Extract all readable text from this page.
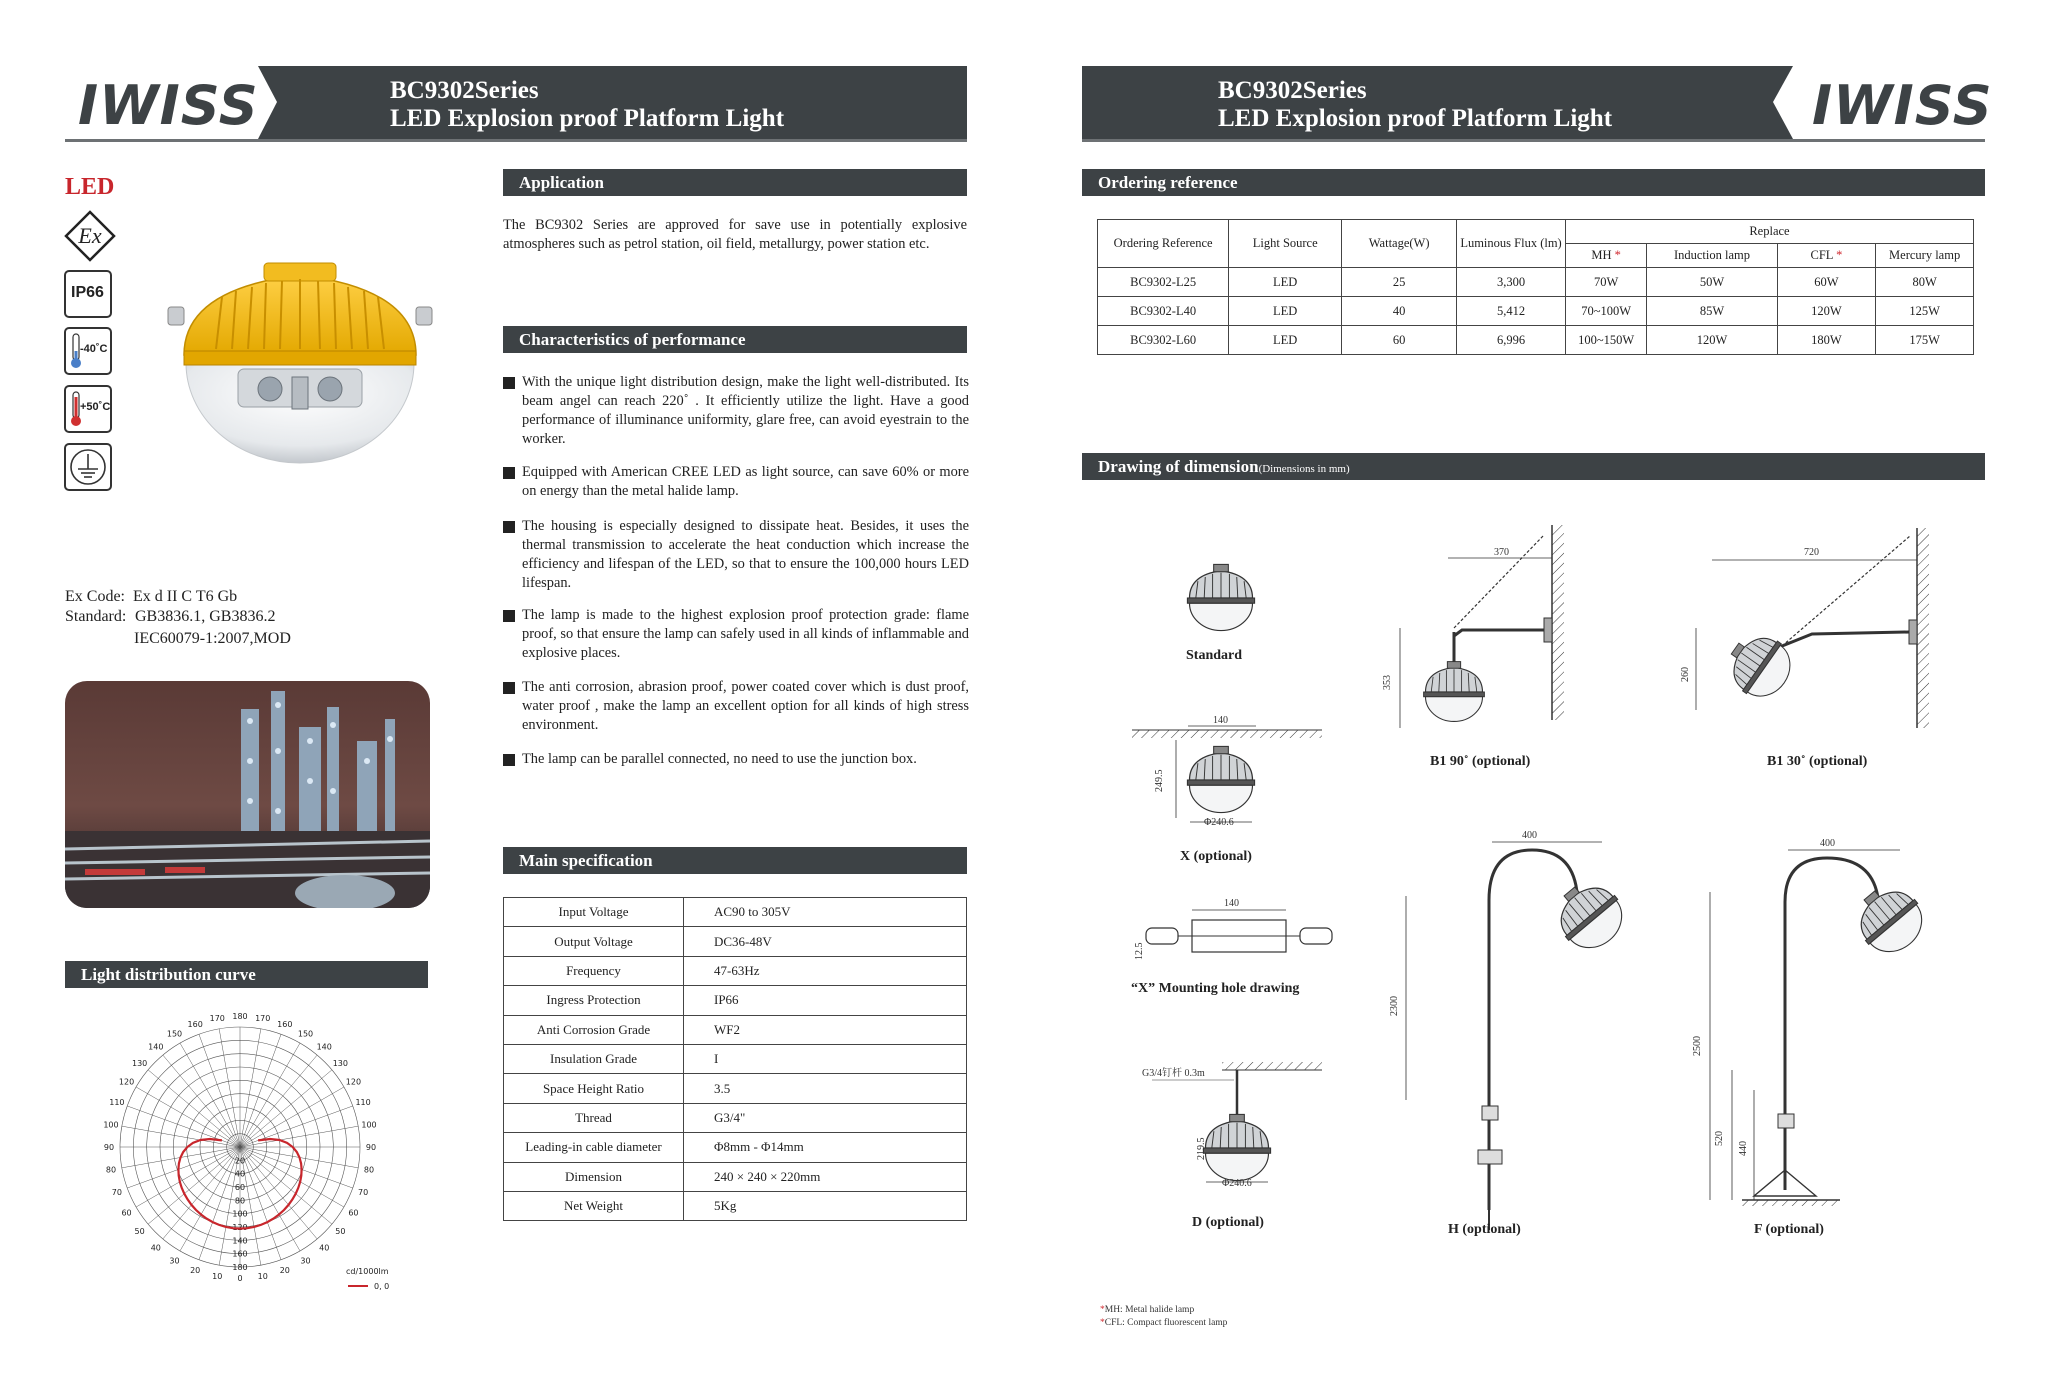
IWISS	BC9302Series
LED Explosion proof Platform Light	IWISS
BC9302Series
LED Explosion proof Platform Light
LED
Ex
IP66
-40˚C
+50˚C
Ex Code: Ex d II C T6 Gb
Standard: GB3836.1, GB3836.2
IEC60079-1:2007,MOD
Light distribution curve
0 10
10
20
20
30
30
40
40
50
50
60
60
70
70
80
80
90
90
100
100
110
110
120
120
130
130
140
140
150
150
160
160
170
170 180
20
40
60
80
100
120
140
160
180	cd/1000lm
0, 0
Application
The BC9302 Series are approved for save use in potentially explosive atmospheres such as petrol station, oil field, metallurgy, power station etc.
Characteristics of performance
With the unique light distribution design, make the light well-distributed. Its beam angel can reach 220˚ . It efficiently utilize the light. Have a good performance of illuminance uniformity, glare free, can avoid eyestrain to the worker.
Equipped with American CREE LED as light source, can save 60% or more on energy than the metal halide lamp.
The housing is especially designed to dissipate heat. Besides, it uses the thermal transmission to accelerate the heat conduction which increase the efficiency and lifespan of the LED, so that to ensure the 100,000 hours LED lifespan.
The lamp is made to the highest explosion proof protection grade: flame proof, so that ensure the lamp can safely used in all kinds of inflammable and explosive places.
The anti corrosion, abrasion proof, power coated cover which is dust proof, water proof , make the lamp an excellent option for all kinds of high stress environment.
The lamp can be parallel connected, no need to use the junction box.
Main specification
Input Voltage	AC90 to 305V
Output Voltage	DC36-48V
Frequency	47-63Hz
Ingress Protection	IP66
Anti Corrosion Grade	WF2
Insulation Grade	I
Space Height Ratio	3.5
Thread	G3/4"
Leading-in cable diameter	Φ8mm - Φ14mm
Dimension	240 × 240 × 220mm
Net Weight	5Kg
Ordering reference
Ordering Reference	Light Source	Wattage(W)	Luminous Flux (lm)	Replace			
				MH *	Induction lamp	CFL *	Mercury lamp
BC9302-L25	LED	25	3,300	70W	50W	60W	80W
BC9302-L40	LED	40	5,412	70~100W	85W	120W	125W
BC9302-L60	LED	60	6,996	100~150W	120W	180W	175W
Drawing of dimension(Dimensions in mm)
370
353
720
260
140
249.5
Φ240.6
140
12.5
G3/4钉杆 0.3m
219.5
Φ240.6
400
2300
400
2500
520
440
Standard
B1 90˚ (optional)	B1 30˚ (optional)
X (optional)
“X” Mounting hole drawing
D (optional)	H (optional)	F (optional)
*MH: Metal halide lamp
*CFL: Compact fluorescent lamp
